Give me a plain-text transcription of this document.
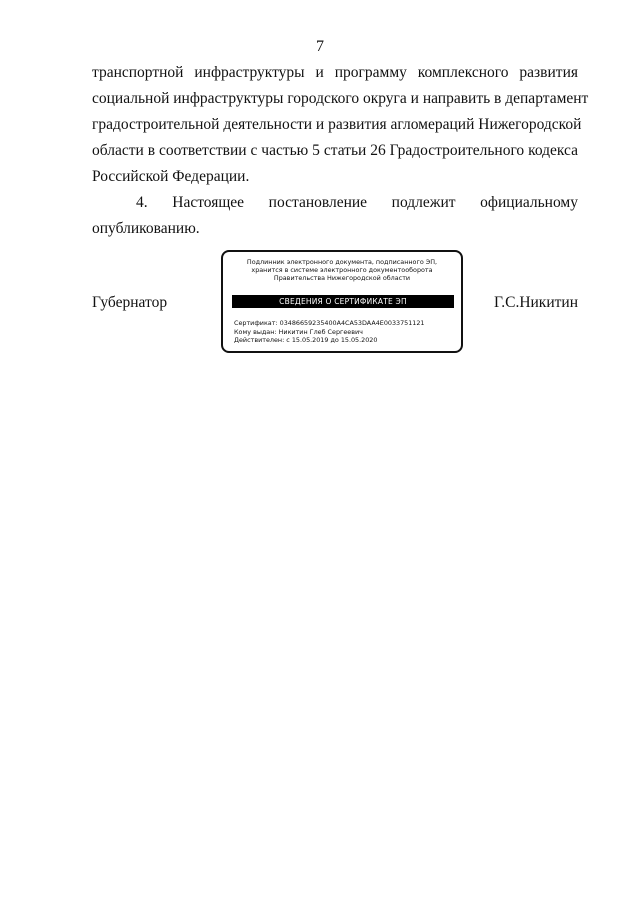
7
транспортной инфраструктуры и программу комплексного развития
социальной инфраструктуры городского округа и направить в департамент
градостроительной деятельности и развития агломераций Нижегородской
области в соответствии с частью 5 статьи 26 Градостроительного кодекса
Российской Федерации.
4. Настоящее постановление подлежит официальному
опубликованию.
Губернатор
Подлинник электронного документа, подписанного ЭП,
хранится в системе электронного документооборота
Правительства Нижегородской области
СВЕДЕНИЯ О СЕРТИФИКАТЕ ЭП
Сертификат: 03486659235400A4CA53DAA4E0033751121
Кому выдан: Никитин Глеб Сергеевич
Действителен: с 15.05.2019 до 15.05.2020
Г.С.Никитин
